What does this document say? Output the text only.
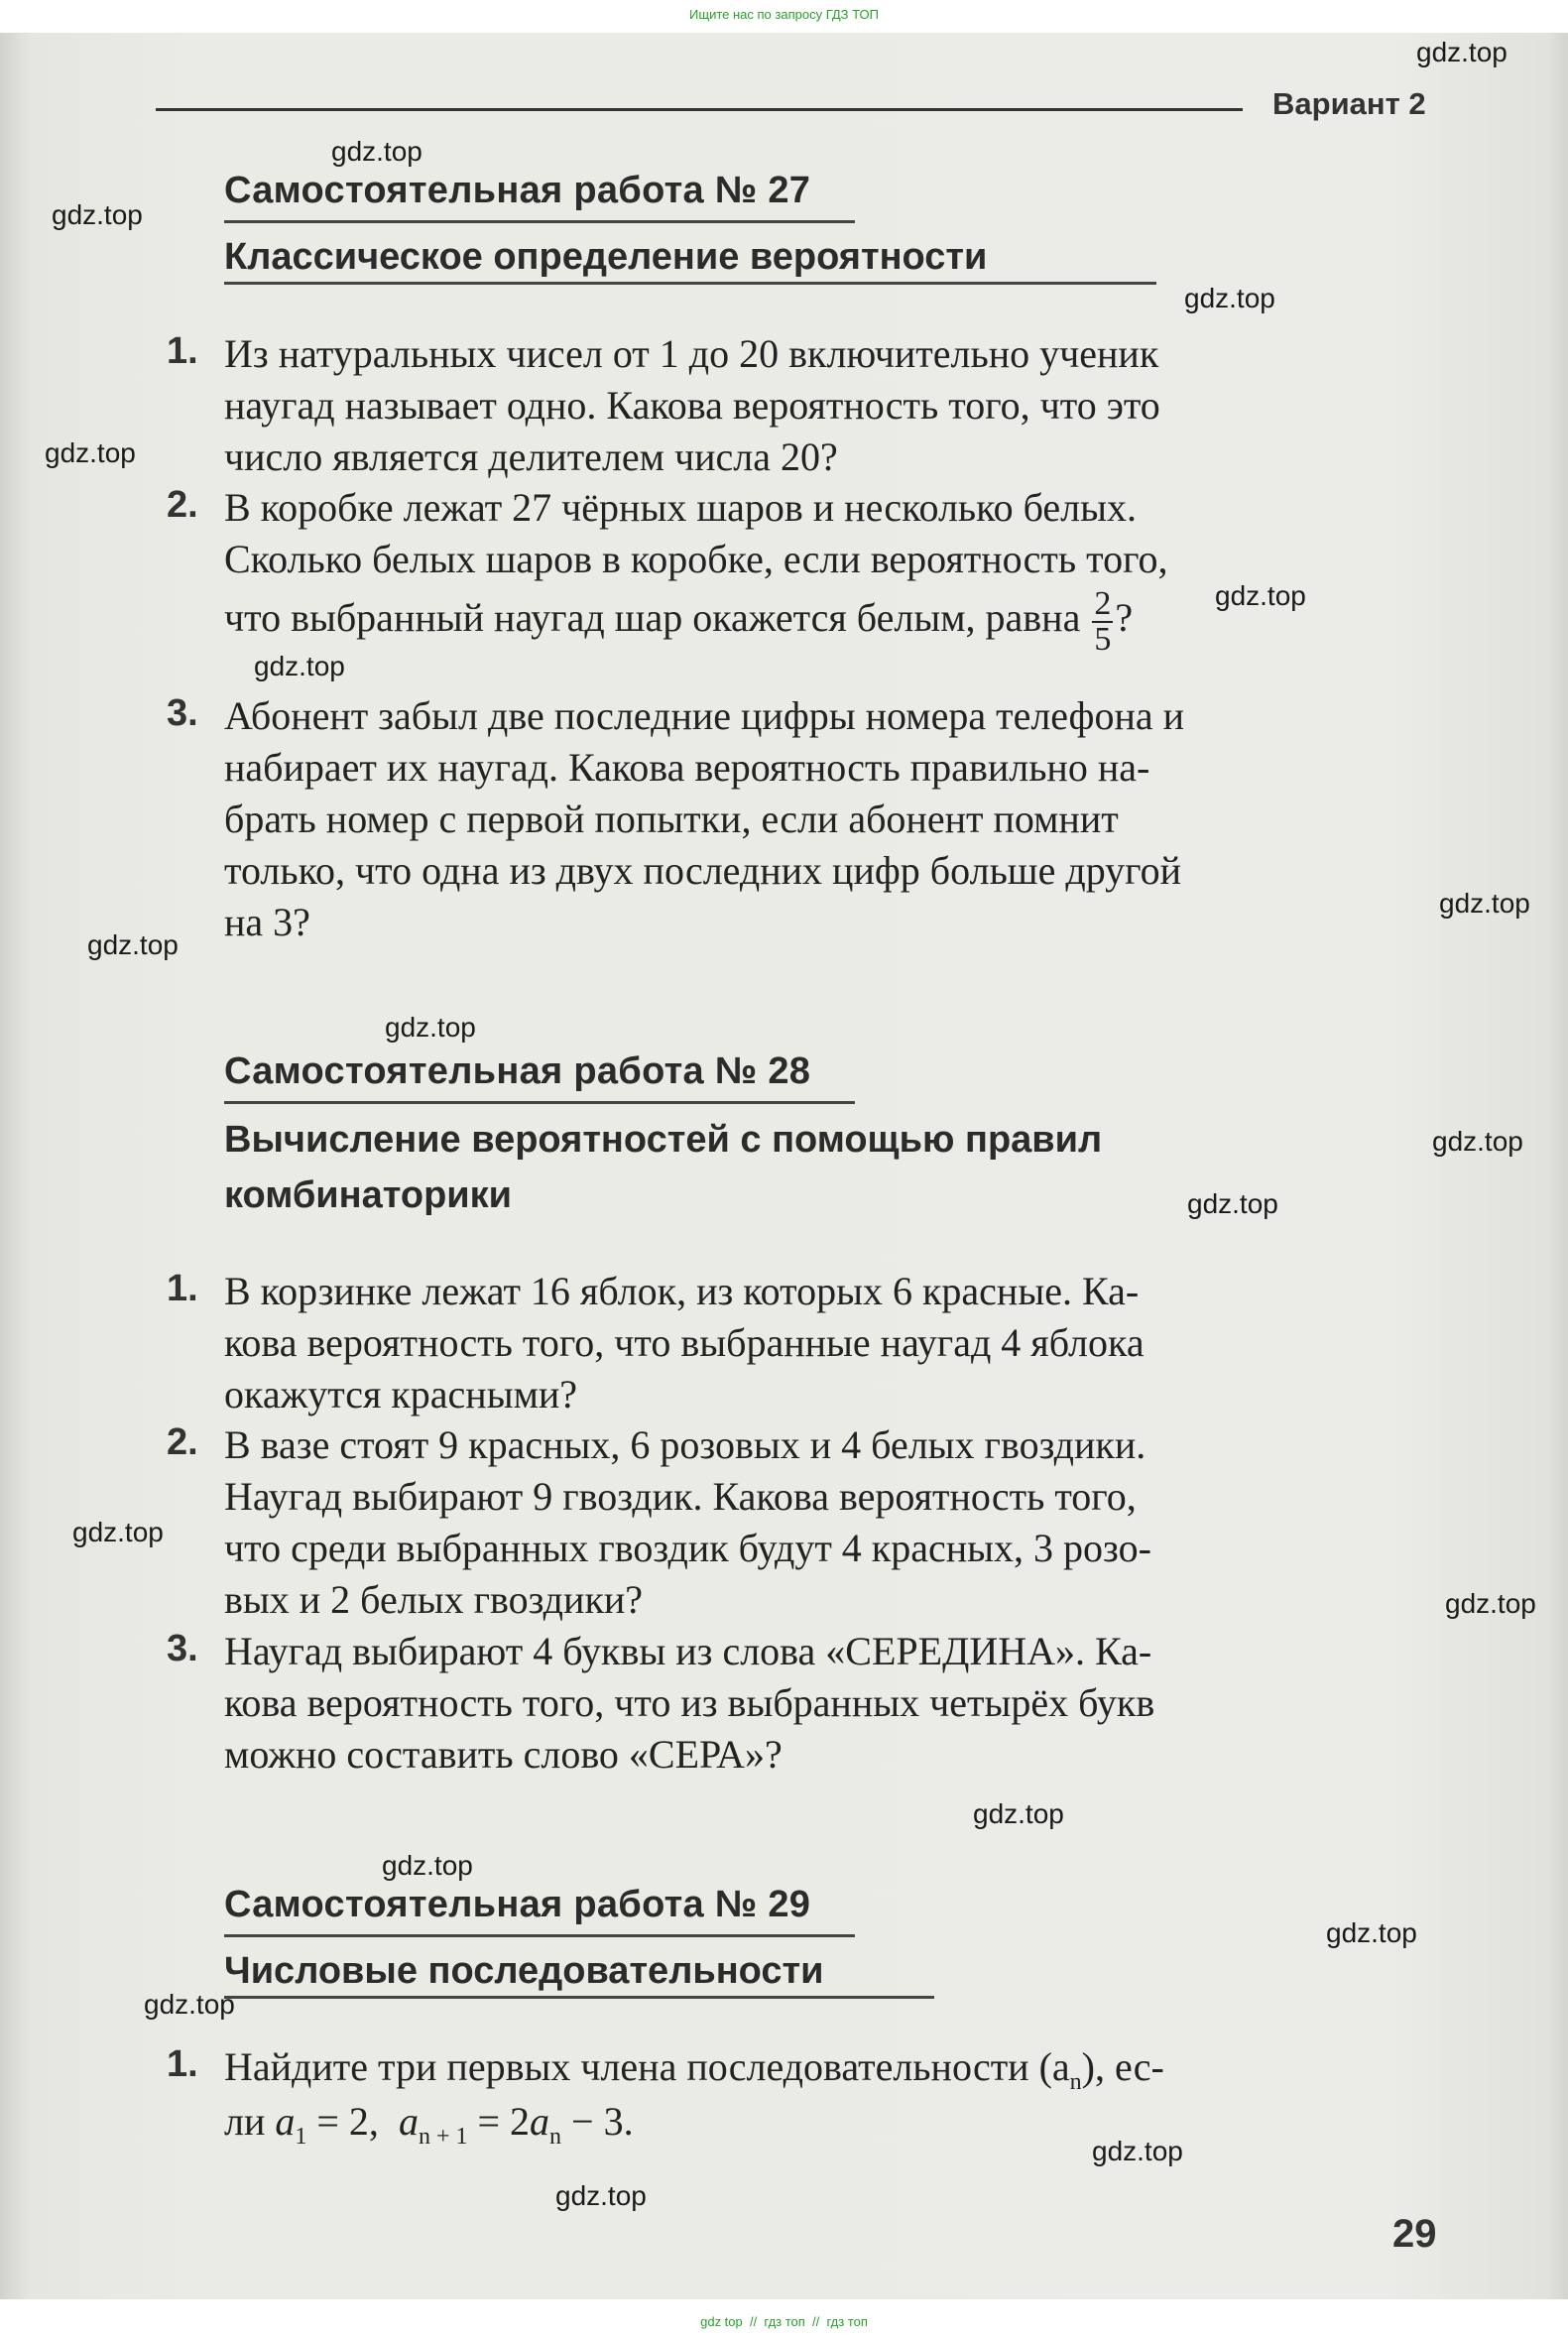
Ищите нас по запросу ГДЗ ТОП
Вариант 2
Самостоятельная работа № 27
Классическое определение вероятности
1. Из натуральных чисел от 1 до 20 включительно ученик
наугад называет одно. Какова вероятность того, что это
число является делителем числа 20?
2. В коробке лежат 27 чёрных шаров и несколько белых.
Сколько белых шаров в коробке, если вероятность того,
что выбранный наугад шар окажется белым, равна $\frac{2}{5}$ ?
3. Абонент забыл две последние цифры номера телефона и
набирает их наугад. Какова вероятность правильно на-
брать номер с первой попытки, если абонент помнит
только, что одна из двух последних цифр больше другой
на 3?
Самостоятельная работа № 28
Вычисление вероятностей с помощью правил
комбинаторики
1. В корзинке лежат 16 яблок, из которых 6 красные. Ка-
кова вероятность того, что выбранные наугад 4 яблока
окажутся красными?
2. В вазе стоят 9 красных, 6 розовых и 4 белых гвоздики.
Наугад выбирают 9 гвоздик. Какова вероятность того,
что среди выбранных гвоздик будут 4 красных, 3 розо-
вых и 2 белых гвоздики?
3. Наугад выбирают 4 буквы из слова «СЕРЕДИНА». Ка-
кова вероятность того, что из выбранных четырёх букв
можно составить слово «СЕРА»?
Самостоятельная работа № 29
Числовые последовательности
1. Найдите три первых члена последовательности $(a_n)$, ес-
ли $a_1 = 2$,  $a_{n + 1} = 2a_n - 3$.
29
gdz.top
gdz.top
gdz.top
gdz.top
gdz.top
gdz.top
gdz.top
gdz.top
gdz.top
gdz.top
gdz.top
gdz.top
gdz.top
gdz.top
gdz.top
gdz.top
gdz.top
gdz.top
gdz.top
gdz.top
gdz top  //  гдз топ  //  гдз топ
